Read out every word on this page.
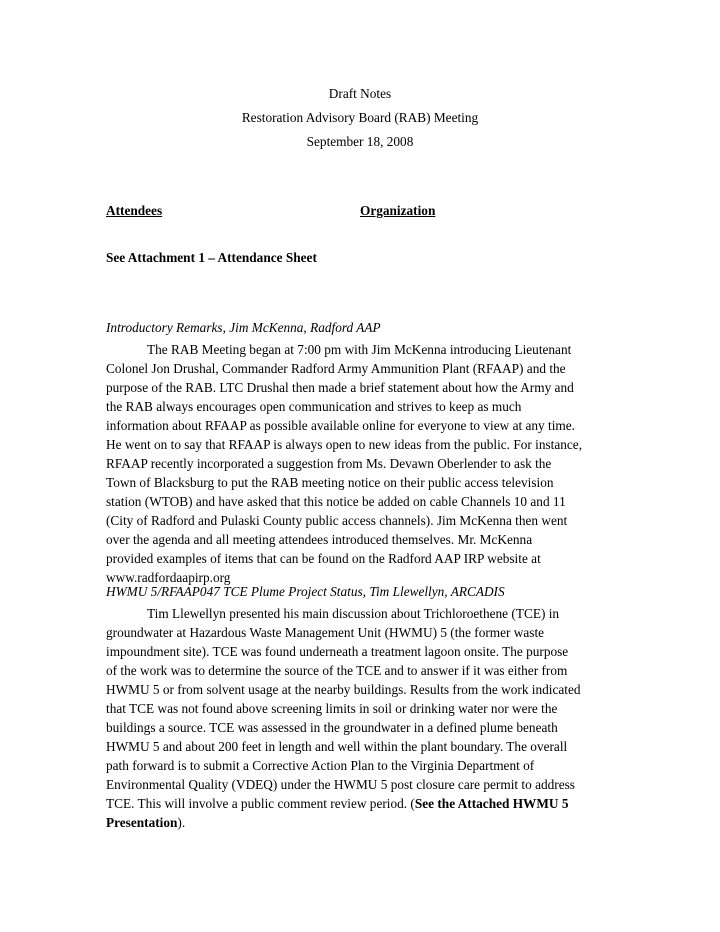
Draft Notes
Restoration Advisory Board (RAB) Meeting
September 18, 2008
Attendees	Organization
See Attachment 1 – Attendance Sheet
Introductory Remarks, Jim McKenna, Radford AAP
The RAB Meeting began at 7:00 pm with Jim McKenna introducing Lieutenant
Colonel Jon Drushal, Commander Radford Army Ammunition Plant (RFAAP) and the
purpose of the RAB. LTC Drushal then made a brief statement about how the Army and
the RAB always encourages open communication and strives to keep as much
information about RFAAP as possible available online for everyone to view at any time.
He went on to say that RFAAP is always open to new ideas from the public. For instance,
RFAAP recently incorporated a suggestion from Ms. Devawn Oberlender to ask the
Town of Blacksburg to put the RAB meeting notice on their public access television
station (WTOB) and have asked that this notice be added on cable Channels 10 and 11
(City of Radford and Pulaski County public access channels). Jim McKenna then went
over the agenda and all meeting attendees introduced themselves. Mr. McKenna
provided examples of items that can be found on the Radford AAP IRP website at
www.radfordaapirp.org
HWMU 5/RFAAP047 TCE Plume Project Status, Tim Llewellyn, ARCADIS
Tim Llewellyn presented his main discussion about Trichloroethene (TCE) in
groundwater at Hazardous Waste Management Unit (HWMU) 5 (the former waste
impoundment site). TCE was found underneath a treatment lagoon onsite. The purpose
of the work was to determine the source of the TCE and to answer if it was either from
HWMU 5 or from solvent usage at the nearby buildings. Results from the work indicated
that TCE was not found above screening limits in soil or drinking water nor were the
buildings a source. TCE was assessed in the groundwater in a defined plume beneath
HWMU 5 and about 200 feet in length and well within the plant boundary. The overall
path forward is to submit a Corrective Action Plan to the Virginia Department of
Environmental Quality (VDEQ) under the HWMU 5 post closure care permit to address
TCE. This will involve a public comment review period. (See the Attached HWMU 5
Presentation).
